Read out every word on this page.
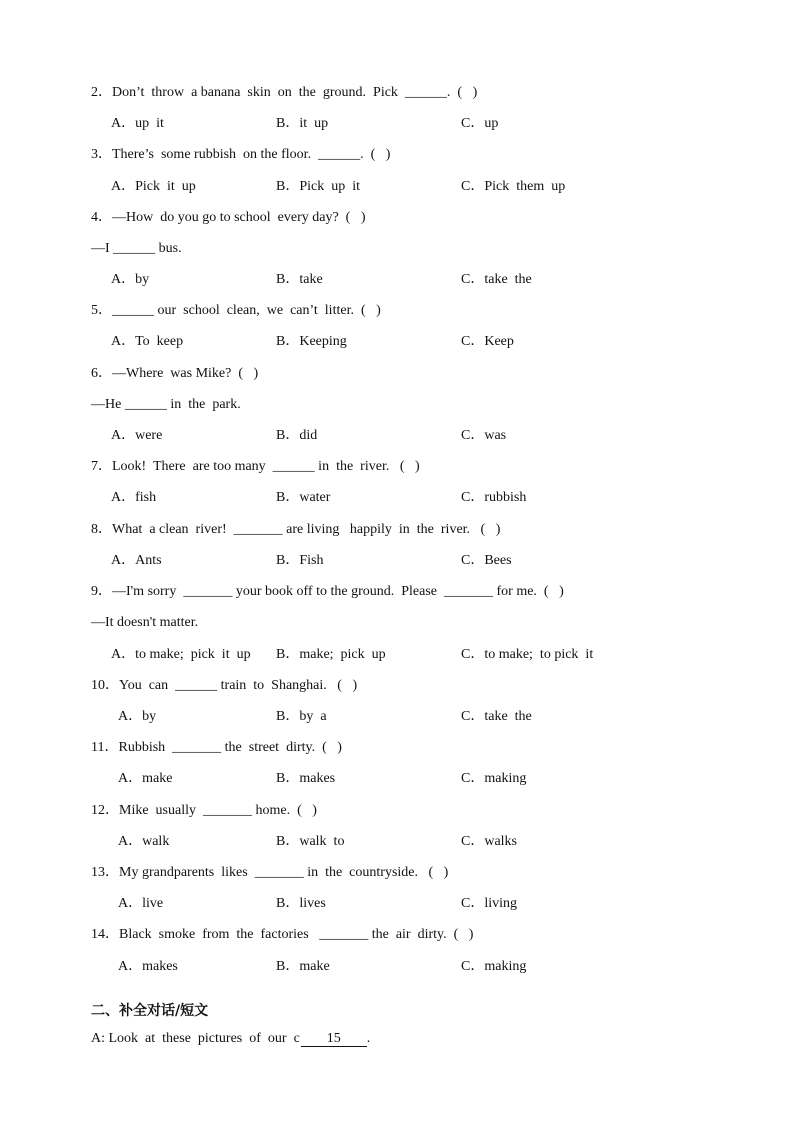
2．Don’t  throw  a banana  skin  on  the  ground.  Pick  ______.  (   )
A．up  it	B．it  up	C．up
3．There’s  some rubbish  on the floor.  ______.  (   )
A．Pick  it  up	B．Pick  up  it	C．Pick  them  up
4．—How  do you go to school  every day?  (   )
—I ______ bus.
A．by	B．take	C．take  the
5．______ our  school  clean,  we  can’t  litter.  (   )
A．To  keep	B．Keeping	C．Keep
6．—Where  was Mike?  (   )
—He ______ in  the  park.
A．were	B．did	C．was
7．Look!  There  are too many  ______ in  the  river.   (   )
A．fish	B．water	C．rubbish
8．What  a clean  river!  _______ are living   happily  in  the  river.   (   )
A．Ants	B．Fish	C．Bees
9．—I'm sorry  _______ your book off to the ground.  Please  _______ for me.  (   )
—It doesn't matter.
A．to make;  pick  it  up B．make;  pick  up	C．to make;  to pick  it
10．You  can  ______ train  to  Shanghai.   (   )
A．by	B．by  a	C．take  the
11．Rubbish  _______ the  street  dirty.  (   )
A．make	B．makes	C．making
12．Mike  usually  _______ home.  (   )
A．walk	B．walk  to	C．walks
13．My grandparents  likes  _______ in  the  countryside.   (   )
A．live	B．lives	C．living
14．Black  smoke  from  the  factories   _______ the  air  dirty.  (   )
A．makes	B．make	C．making
二、补全对话/短文
A: Look  at  these  pictures  of  our  c 15 .
